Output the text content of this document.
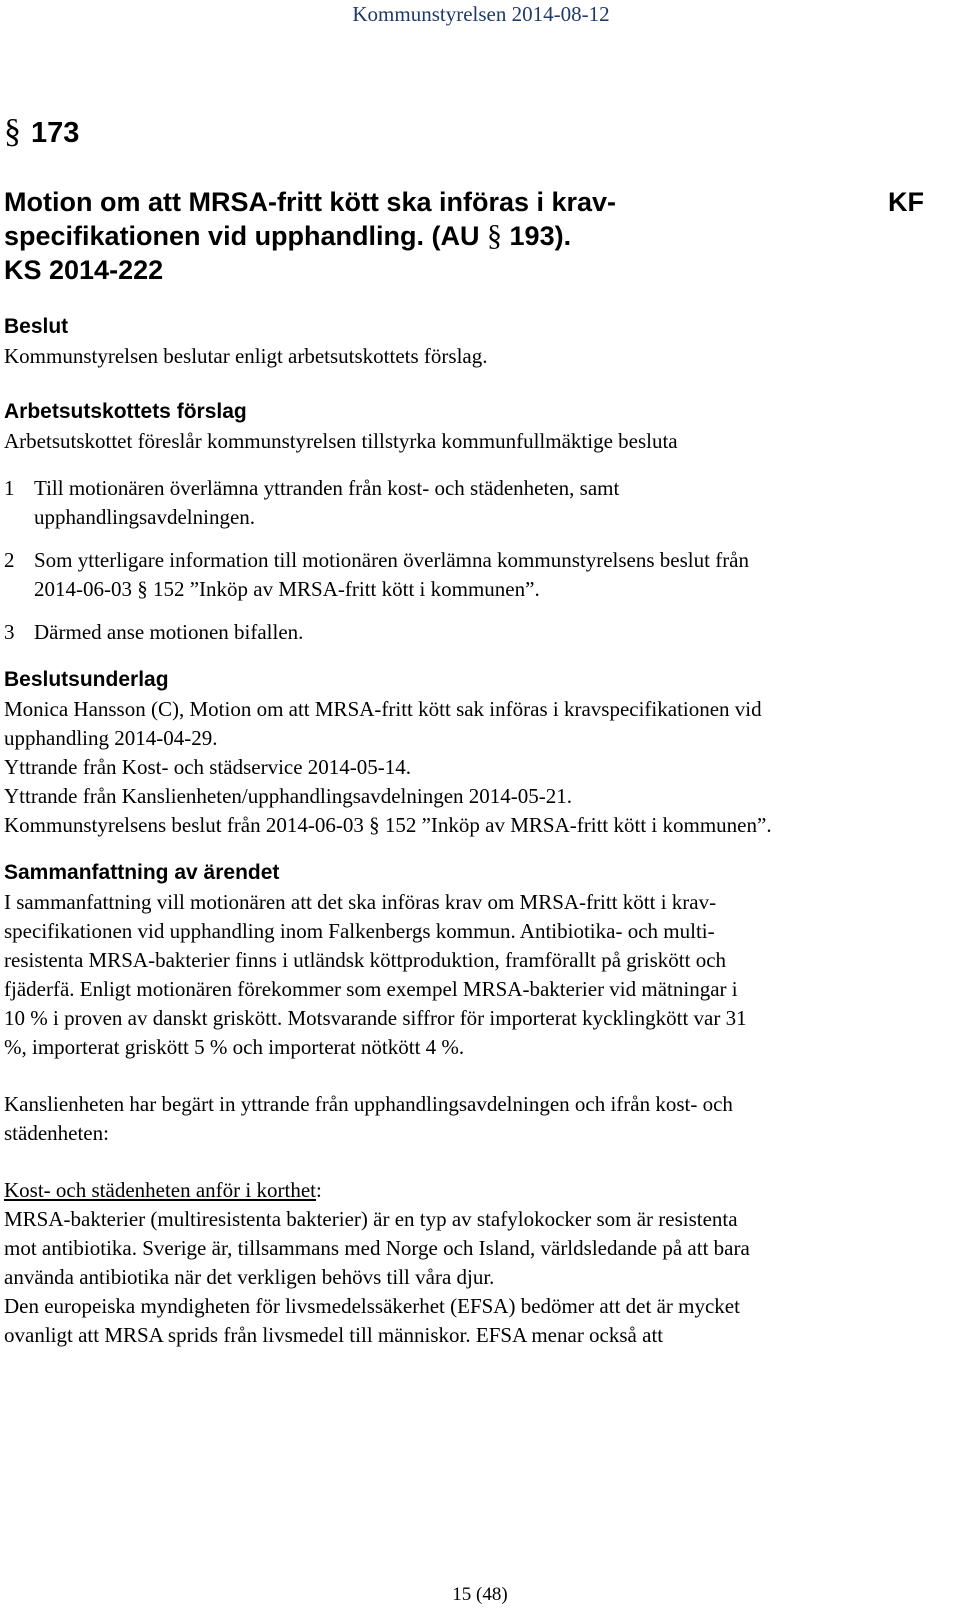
Kommunstyrelsen 2014-08-12
§ 173
Motion om att MRSA-fritt kött ska införas i krav-
specifikationen vid upphandling. (AU § 193).
KS 2014-222
KF

Beslut

Kommunstyrelsen beslutar enligt arbetsutskottets förslag.

Arbetsutskottets förslag

Arbetsutskottet föreslår kommunstyrelsen tillstyrka kommunfullmäktige besluta

1 Till motionären överlämna yttranden från kost- och städenheten, samt
upphandlingsavdelningen.
2 Som ytterligare information till motionären överlämna kommunstyrelsens beslut från
2014-06-03 § 152 ”Inköp av MRSA-fritt kött i kommunen”.
3 Därmed anse motionen bifallen.

Beslutsunderlag

Monica Hansson (C), Motion om att MRSA-fritt kött sak införas i kravspecifikationen vid

upphandling 2014-04-29.

Yttrande från Kost- och städservice 2014-05-14.

Yttrande från Kanslienheten/upphandlingsavdelningen 2014-05-21.

Kommunstyrelsens beslut från 2014-06-03 § 152 ”Inköp av MRSA-fritt kött i kommunen”.

Sammanfattning av ärendet

I sammanfattning vill motionären att det ska införas krav om MRSA-fritt kött i krav-

specifikationen vid upphandling inom Falkenbergs kommun. Antibiotika- och multi-

resistenta MRSA-bakterier finns i utländsk köttproduktion, framförallt på griskött och

fjäderfä. Enligt motionären förekommer som exempel MRSA-bakterier vid mätningar i

10 % i proven av danskt griskött. Motsvarande siffror för importerat kycklingkött var 31

%, importerat griskött 5 % och importerat nötkött 4 %.

Kanslienheten har begärt in yttrande från upphandlingsavdelningen och ifrån kost- och

städenheten:

Kost- och städenheten anför i korthet:

MRSA-bakterier (multiresistenta bakterier) är en typ av stafylokocker som är resistenta

mot antibiotika. Sverige är, tillsammans med Norge och Island, världsledande på att bara

använda antibiotika när det verkligen behövs till våra djur.

Den europeiska myndigheten för livsmedelssäkerhet (EFSA) bedömer att det är mycket

ovanligt att MRSA sprids från livsmedel till människor. EFSA menar också att

15 (48)
